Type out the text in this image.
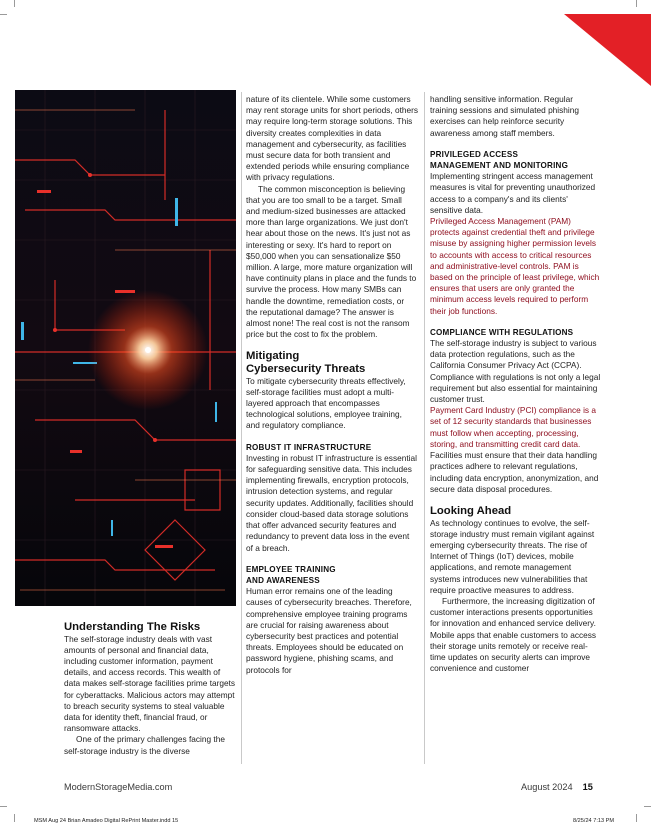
Understanding The Risks

The self-storage industry deals with vast amounts of personal and financial data, including customer information, payment details, and access records. This wealth of data makes self-storage facilities prime targets for cyberattacks. Malicious actors may attempt to breach security systems to steal valuable data for identity theft, financial fraud, or ransomware attacks.

One of the primary challenges facing the self-storage industry is the diverse

nature of its clientele. While some customers may rent storage units for short periods, others may require long-term storage solutions. This diversity creates complexities in data management and cybersecurity, as facilities must secure data for both transient and extended periods while ensuring compliance with privacy regulations.

The common misconception is believing that you are too small to be a target. Small and medium-sized businesses are attacked more than large organizations. We just don't hear about those on the news. It's just not as interesting or sexy. It's hard to report on $50,000 when you can sensationalize $50 million. A large, more mature organization will have continuity plans in place and the funds to survive the process. How many SMBs can handle the downtime, remediation costs, or the reputational damage? The answer is almost none! The real cost is not the ransom price but the cost to fix the problem.

Mitigating
Cybersecurity Threats

To mitigate cybersecurity threats effectively, self-storage facilities must adopt a multi-layered approach that encompasses technological solutions, employee training, and regulatory compliance.

ROBUST IT INFRASTRUCTURE

Investing in robust IT infrastructure is essential for safeguarding sensitive data. This includes implementing firewalls, encryption protocols, intrusion detection systems, and regular security updates. Additionally, facilities should consider cloud-based data storage solutions that offer advanced security features and redundancy to prevent data loss in the event of a breach.

EMPLOYEE TRAINING
AND AWARENESS

Human error remains one of the leading causes of cybersecurity breaches. Therefore, comprehensive employee training programs are crucial for raising awareness about cybersecurity best practices and potential threats. Employees should be educated on password hygiene, phishing scams, and protocols for

handling sensitive information. Regular training sessions and simulated phishing exercises can help reinforce security awareness among staff members.

PRIVILEGED ACCESS
MANAGEMENT AND MONITORING

Implementing stringent access management measures is vital for preventing unauthorized access to a company's and its clients' sensitive data.

Privileged Access Management (PAM) protects against credential theft and privilege misuse by assigning higher permission levels to accounts with access to critical resources and administrative-level controls. PAM is based on the principle of least privilege, which ensures that users are only granted the minimum access levels required to perform their job functions.

COMPLIANCE WITH REGULATIONS

The self-storage industry is subject to various data protection regulations, such as the California Consumer Privacy Act (CCPA). Compliance with regulations is not only a legal requirement but also essential for maintaining customer trust.

Payment Card Industry (PCI) compliance is a set of 12 security standards that businesses must follow when accepting, processing, storing, and transmitting credit card data.

Facilities must ensure that their data handling practices adhere to relevant regulations, including data encryption, anonymization, and secure data disposal procedures.

Looking Ahead

As technology continues to evolve, the self-storage industry must remain vigilant against emerging cybersecurity threats. The rise of Internet of Things (IoT) devices, mobile applications, and remote management systems introduces new vulnerabilities that require proactive measures to address.

Furthermore, the increasing digitization of customer interactions presents opportunities for innovation and enhanced service delivery. Mobile apps that enable customers to access their storage units remotely or receive real-time updates on security alerts can improve convenience and customer

ModernStorageMedia.com	August 2024 15
MSM Aug 24 Brian Amadeo Digital RePrint Master.indd 15	8/25/24 7:13 PM
